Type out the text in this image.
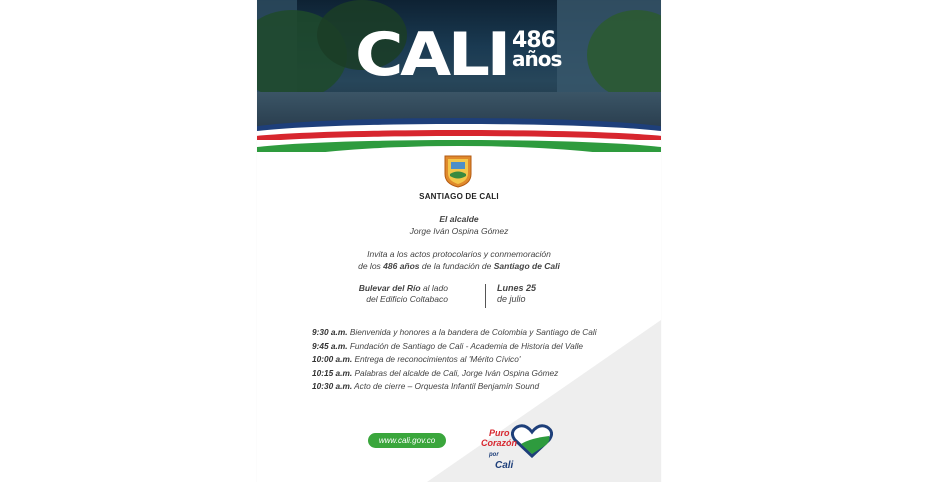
CALI 486
años
SANTIAGO DE CALI
El alcalde
Jorge Iván Ospina Gómez
Invita a los actos protocolarios y conmemoración
de los 486 años de la fundación de Santiago de Cali
Bulevar del Río al lado
del Edificio Coltabaco
Lunes 25
de julio
9:30 a.m. Bienvenida y honores a la bandera de Colombia y Santiago de Cali
9:45 a.m. Fundación de Santiago de Cali - Academia de Historia del Valle
10:00 a.m. Entrega de reconocimientos al 'Mérito Cívico'
10:15 a.m. Palabras del alcalde de Cali, Jorge Iván Ospina Gómez
10:30 a.m. Acto de cierre – Orquesta Infantil Benjamín Sound
www.cali.gov.co
Puro
Corazón
por
Cali
